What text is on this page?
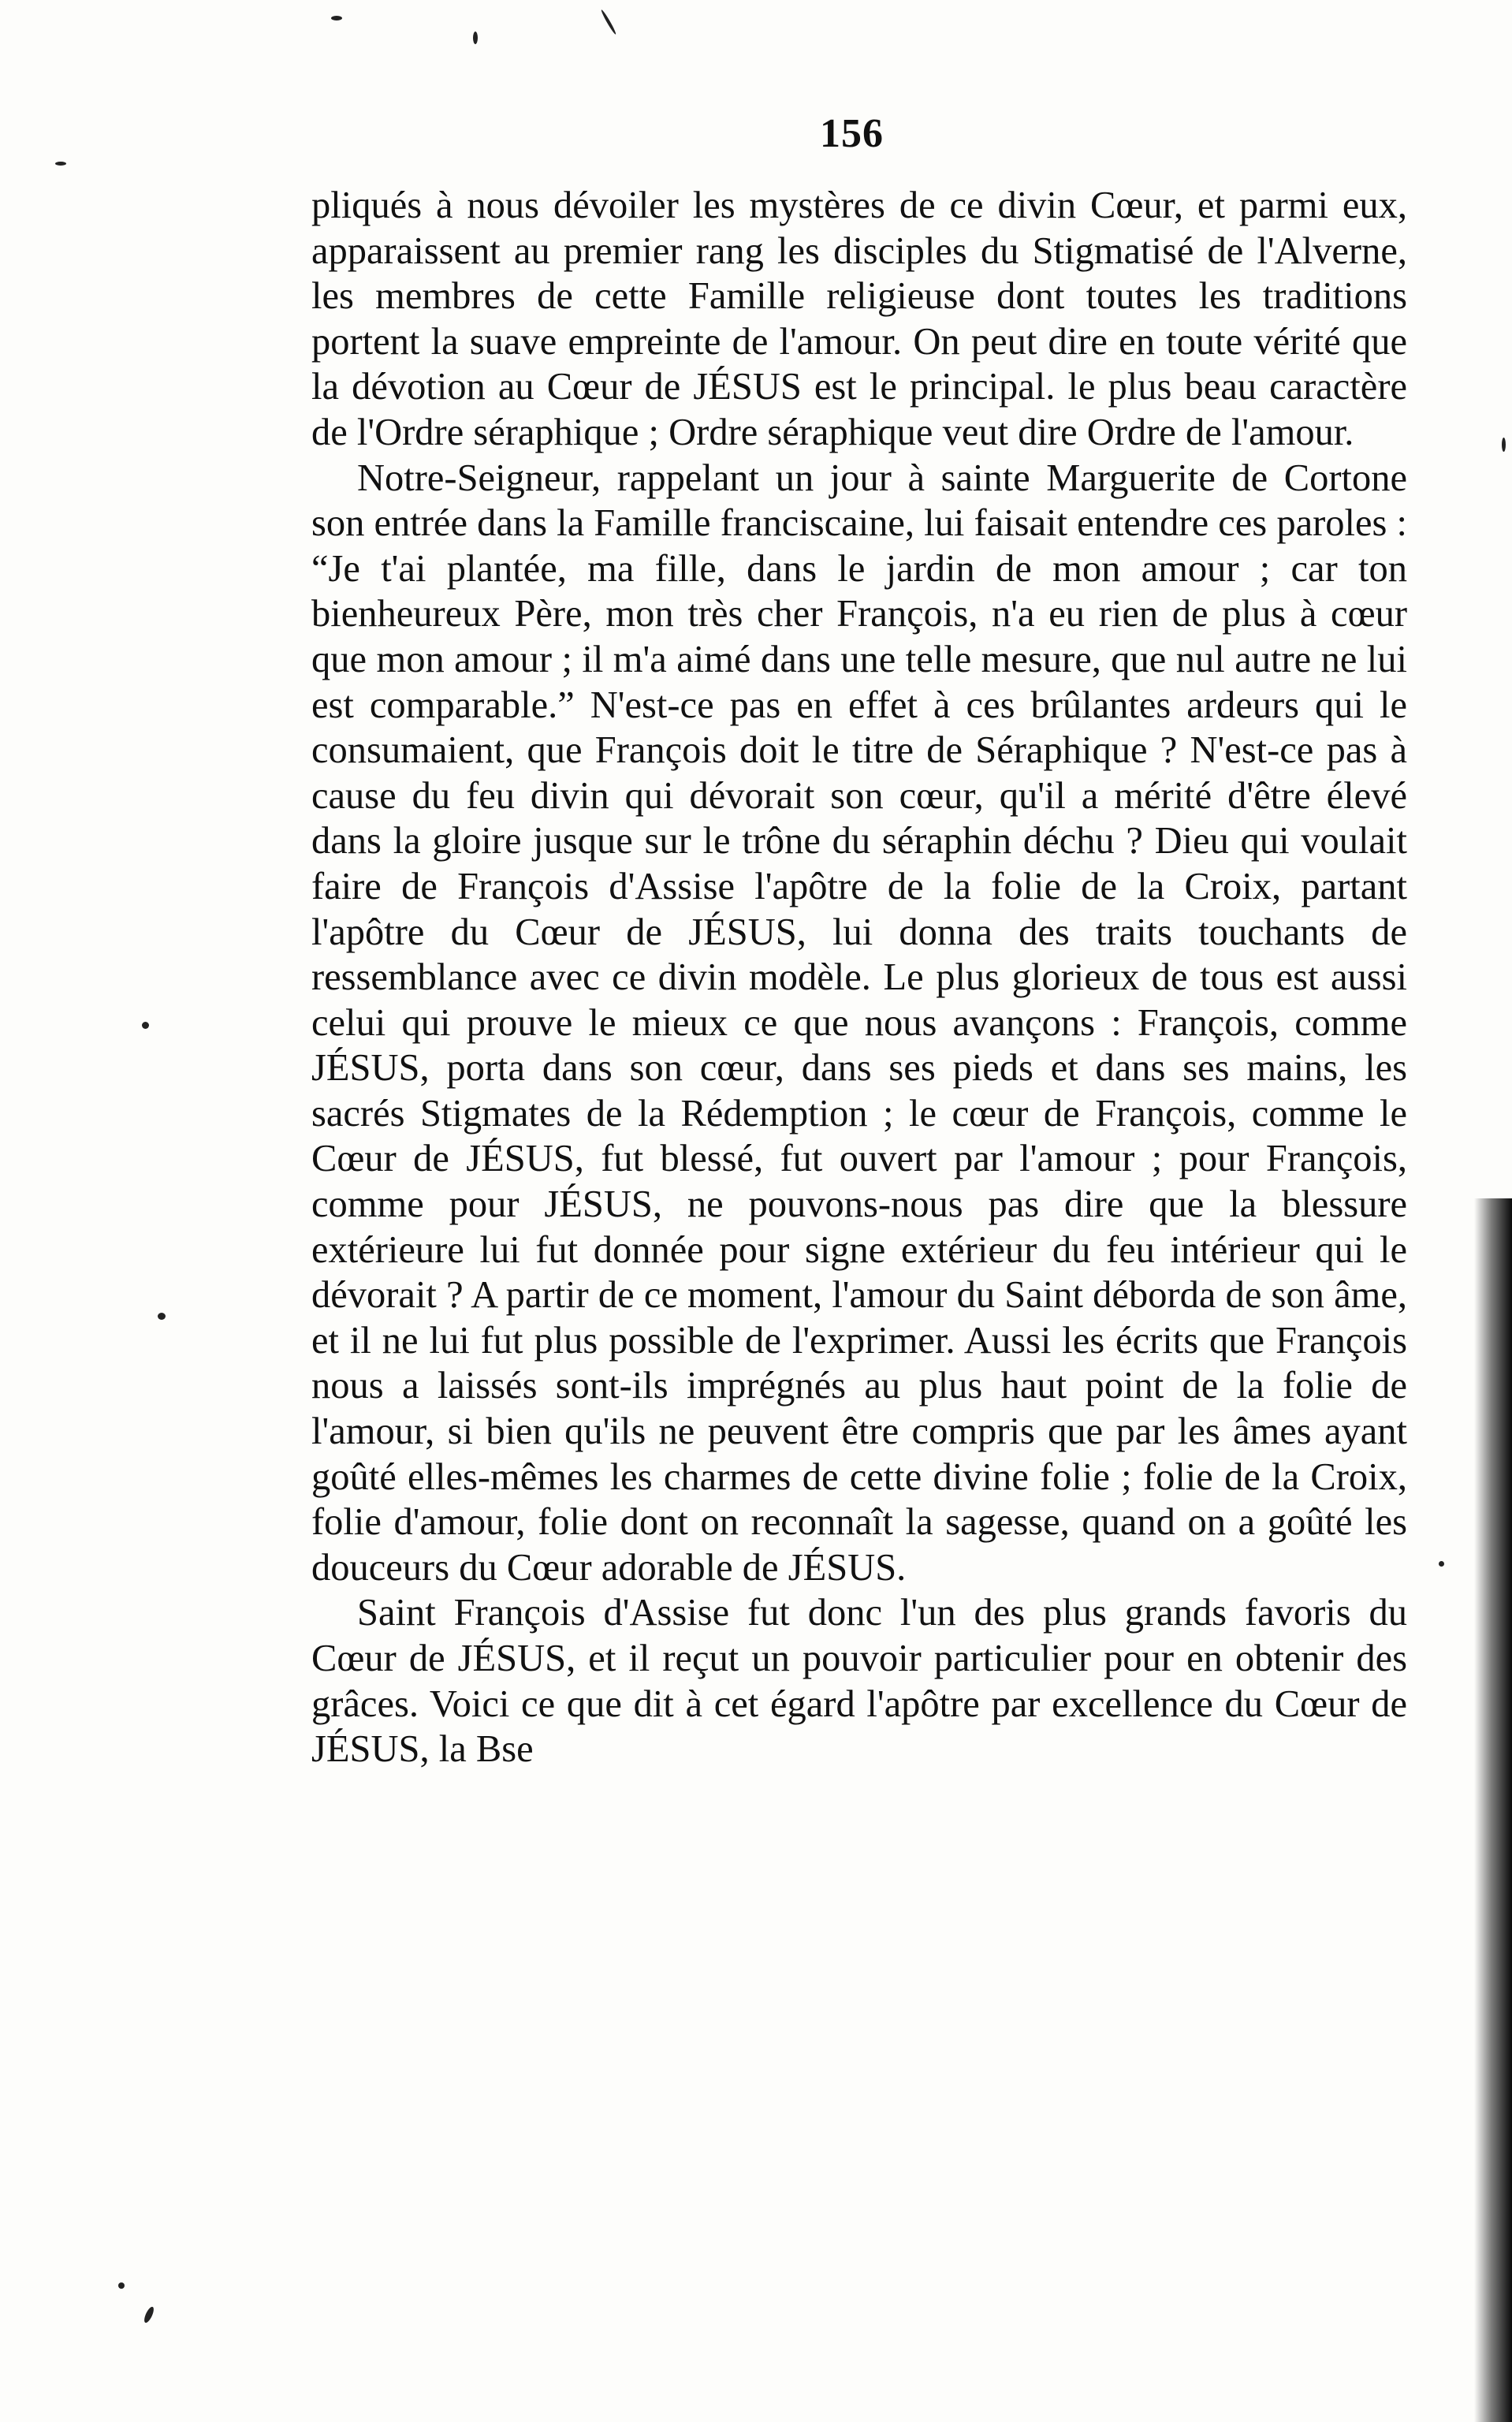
156

pliqués à nous dévoiler les mystères de ce divin Cœur, et parmi eux, apparaissent au premier rang les disciples du Stigmatisé de l'Alverne, les membres de cette Famille religieuse dont toutes les traditions portent la suave empreinte de l'amour. On peut dire en toute vérité que la dévotion au Cœur de JÉSUS est le principal. le plus beau caractère de l'Ordre séraphique ; Ordre séraphique veut dire Ordre de l'amour.

Notre-Seigneur, rappelant un jour à sainte Marguerite de Cortone son entrée dans la Famille franciscaine, lui faisait entendre ces paroles : “Je t'ai plantée, ma fille, dans le jardin de mon amour ; car ton bienheureux Père, mon très cher François, n'a eu rien de plus à cœur que mon amour ; il m'a aimé dans une telle mesure, que nul autre ne lui est comparable.” N'est-ce pas en effet à ces brûlantes ardeurs qui le consumaient, que François doit le titre de Séraphique ? N'est-ce pas à cause du feu divin qui dévorait son cœur, qu'il a mérité d'être élevé dans la gloire jusque sur le trône du séraphin déchu ? Dieu qui voulait faire de François d'Assise l'apôtre de la folie de la Croix, partant l'apôtre du Cœur de JÉSUS, lui donna des traits touchants de ressemblance avec ce divin modèle. Le plus glorieux de tous est aussi celui qui prouve le mieux ce que nous avançons : François, comme JÉSUS, porta dans son cœur, dans ses pieds et dans ses mains, les sacrés Stigmates de la Rédemption ; le cœur de François, comme le Cœur de JÉSUS, fut blessé, fut ouvert par l'amour ; pour François, comme pour JÉSUS, ne pouvons-nous pas dire que la blessure extérieure lui fut donnée pour signe extérieur du feu intérieur qui le dévorait ? A partir de ce moment, l'amour du Saint déborda de son âme, et il ne lui fut plus possible de l'exprimer. Aussi les écrits que François nous a laissés sont-ils imprégnés au plus haut point de la folie de l'amour, si bien qu'ils ne peuvent être compris que par les âmes ayant goûté elles-mêmes les charmes de cette divine folie ; folie de la Croix, folie d'amour, folie dont on reconnaît la sagesse, quand on a goûté les douceurs du Cœur adorable de JÉSUS.

Saint François d'Assise fut donc l'un des plus grands favoris du Cœur de JÉSUS, et il reçut un pouvoir particulier pour en obtenir des grâces. Voici ce que dit à cet égard l'apôtre par excellence du Cœur de JÉSUS, la Bse
